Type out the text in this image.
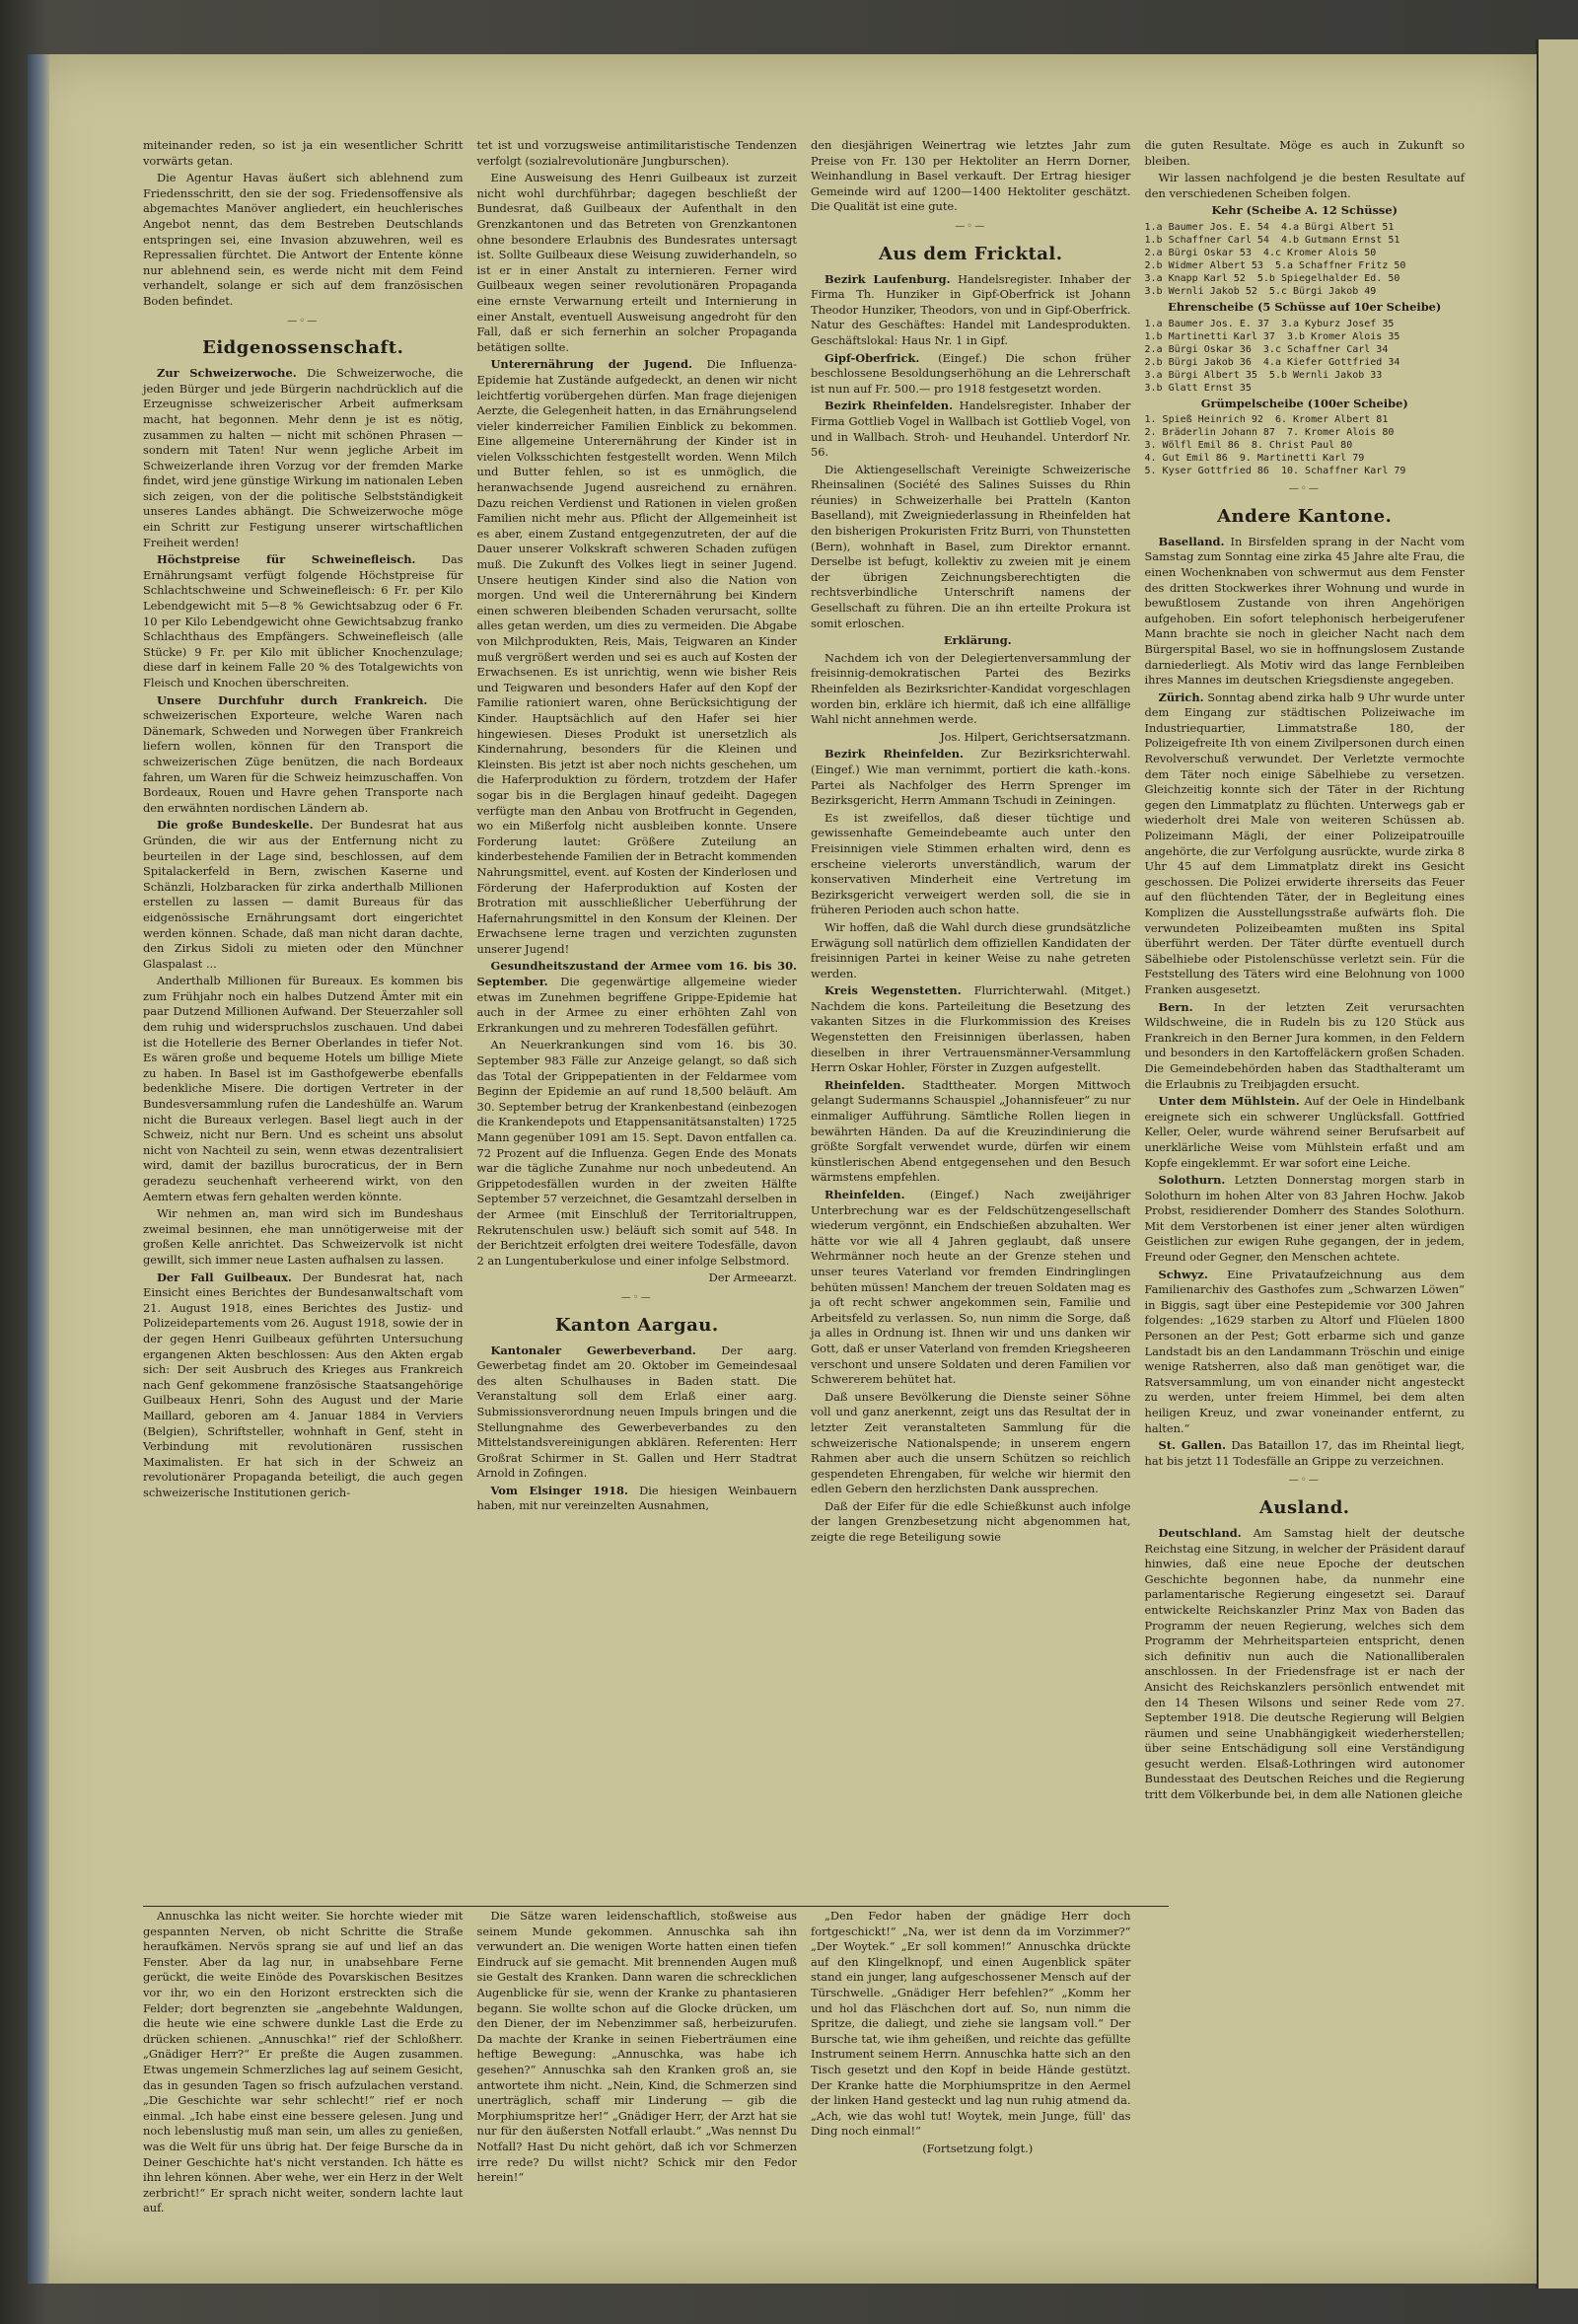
miteinander reden, so ist ja ein wesentlicher Schritt vorwärts getan.

Die Agentur Havas äußert sich ablehnend zum Friedensschritt, den sie der sog. Friedensoffensive als abgemachtes Manöver angliedert, ein heuchlerisches Angebot nennt, das dem Bestreben Deutschlands entspringen sei, eine Invasion abzuwehren, weil es Repressalien fürchtet. Die Antwort der Entente könne nur ablehnend sein, es werde nicht mit dem Feind verhandelt, solange er sich auf dem französischen Boden befindet.

—◦—
Eidgenossenschaft.

Zur Schweizerwoche. Die Schweizerwoche, die jeden Bürger und jede Bürgerin nachdrücklich auf die Erzeugnisse schweizerischer Arbeit aufmerksam macht, hat begonnen. Mehr denn je ist es nötig, zusammen zu halten — nicht mit schönen Phrasen — sondern mit Taten! Nur wenn jegliche Arbeit im Schweizerlande ihren Vorzug vor der fremden Marke findet, wird jene günstige Wirkung im nationalen Leben sich zeigen, von der die politische Selbstständigkeit unseres Landes abhängt. Die Schweizerwoche möge ein Schritt zur Festigung unserer wirtschaftlichen Freiheit werden!

Höchstpreise für Schweinefleisch. Das Ernährungsamt verfügt folgende Höchstpreise für Schlachtschweine und Schweinefleisch: 6 Fr. per Kilo Lebendgewicht mit 5—8 % Gewichtsabzug oder 6 Fr. 10 per Kilo Lebendgewicht ohne Gewichtsabzug franko Schlachthaus des Empfängers. Schweinefleisch (alle Stücke) 9 Fr. per Kilo mit üblicher Knochenzulage; diese darf in keinem Falle 20 % des Totalgewichts von Fleisch und Knochen überschreiten.

Unsere Durchfuhr durch Frankreich. Die schweizerischen Exporteure, welche Waren nach Dänemark, Schweden und Norwegen über Frankreich liefern wollen, können für den Transport die schweizerischen Züge benützen, die nach Bordeaux fahren, um Waren für die Schweiz heimzuschaffen. Von Bordeaux, Rouen und Havre gehen Transporte nach den erwähnten nordischen Ländern ab.

Die große Bundeskelle. Der Bundesrat hat aus Gründen, die wir aus der Entfernung nicht zu beurteilen in der Lage sind, beschlossen, auf dem Spitalackerfeld in Bern, zwischen Kaserne und Schänzli, Holzbaracken für zirka anderthalb Millionen erstellen zu lassen — damit Bureaus für das eidgenössische Ernährungsamt dort eingerichtet werden können. Schade, daß man nicht daran dachte, den Zirkus Sidoli zu mieten oder den Münchner Glaspalast ...

Anderthalb Millionen für Bureaux. Es kommen bis zum Frühjahr noch ein halbes Dutzend Ämter mit ein paar Dutzend Millionen Aufwand. Der Steuerzahler soll dem ruhig und widerspruchslos zuschauen. Und dabei ist die Hotellerie des Berner Oberlandes in tiefer Not. Es wären große und bequeme Hotels um billige Miete zu haben. In Basel ist im Gasthofgewerbe ebenfalls bedenkliche Misere. Die dortigen Vertreter in der Bundesversammlung rufen die Landeshülfe an. Warum nicht die Bureaux verlegen. Basel liegt auch in der Schweiz, nicht nur Bern. Und es scheint uns absolut nicht von Nachteil zu sein, wenn etwas dezentralisiert wird, damit der bazillus burocraticus, der in Bern geradezu seuchenhaft verheerend wirkt, von den Aemtern etwas fern gehalten werden könnte.

Wir nehmen an, man wird sich im Bundeshaus zweimal besinnen, ehe man unnötigerweise mit der großen Kelle anrichtet. Das Schweizervolk ist nicht gewillt, sich immer neue Lasten aufhalsen zu lassen.

Der Fall Guilbeaux. Der Bundesrat hat, nach Einsicht eines Berichtes der Bundesanwaltschaft vom 21. August 1918, eines Berichtes des Justiz- und Polizeidepartements vom 26. August 1918, sowie der in der gegen Henri Guilbeaux geführten Untersuchung ergangenen Akten beschlossen: Aus den Akten ergab sich: Der seit Ausbruch des Krieges aus Frankreich nach Genf gekommene französische Staatsangehörige Guilbeaux Henri, Sohn des August und der Marie Maillard, geboren am 4. Januar 1884 in Verviers (Belgien), Schriftsteller, wohnhaft in Genf, steht in Verbindung mit revolutionären russischen Maximalisten. Er hat sich in der Schweiz an revolutionärer Propaganda beteiligt, die auch gegen schweizerische Institutionen gerich-

tet ist und vorzugsweise antimilitaristische Tendenzen verfolgt (sozialrevolutionäre Jungburschen).

Eine Ausweisung des Henri Guilbeaux ist zurzeit nicht wohl durchführbar; dagegen beschließt der Bundesrat, daß Guilbeaux der Aufenthalt in den Grenzkantonen und das Betreten von Grenzkantonen ohne besondere Erlaubnis des Bundesrates untersagt ist. Sollte Guilbeaux diese Weisung zuwiderhandeln, so ist er in einer Anstalt zu internieren. Ferner wird Guilbeaux wegen seiner revolutionären Propaganda eine ernste Verwarnung erteilt und Internierung in einer Anstalt, eventuell Ausweisung angedroht für den Fall, daß er sich fernerhin an solcher Propaganda betätigen sollte.

Unterernährung der Jugend. Die Influenza-Epidemie hat Zustände aufgedeckt, an denen wir nicht leichtfertig vorübergehen dürfen. Man frage diejenigen Aerzte, die Gelegenheit hatten, in das Ernährungselend vieler kinderreicher Familien Einblick zu bekommen. Eine allgemeine Unterernährung der Kinder ist in vielen Volksschichten festgestellt worden. Wenn Milch und Butter fehlen, so ist es unmöglich, die heranwachsende Jugend ausreichend zu ernähren. Dazu reichen Verdienst und Rationen in vielen großen Familien nicht mehr aus. Pflicht der Allgemeinheit ist es aber, einem Zustand entgegenzutreten, der auf die Dauer unserer Volkskraft schweren Schaden zufügen muß. Die Zukunft des Volkes liegt in seiner Jugend. Unsere heutigen Kinder sind also die Nation von morgen. Und weil die Unterernährung bei Kindern einen schweren bleibenden Schaden verursacht, sollte alles getan werden, um dies zu vermeiden. Die Abgabe von Milchprodukten, Reis, Mais, Teigwaren an Kinder muß vergrößert werden und sei es auch auf Kosten der Erwachsenen. Es ist unrichtig, wenn wie bisher Reis und Teigwaren und besonders Hafer auf den Kopf der Familie rationiert waren, ohne Berücksichtigung der Kinder. Hauptsächlich auf den Hafer sei hier hingewiesen. Dieses Produkt ist unersetzlich als Kindernahrung, besonders für die Kleinen und Kleinsten. Bis jetzt ist aber noch nichts geschehen, um die Haferproduktion zu fördern, trotzdem der Hafer sogar bis in die Berglagen hinauf gedeiht. Dagegen verfügte man den Anbau von Brotfrucht in Gegenden, wo ein Mißerfolg nicht ausbleiben konnte. Unsere Forderung lautet: Größere Zuteilung an kinderbestehende Familien der in Betracht kommenden Nahrungsmittel, event. auf Kosten der Kinderlosen und Förderung der Haferproduktion auf Kosten der Brotration mit ausschließlicher Ueberführung der Hafernahrungsmittel in den Konsum der Kleinen. Der Erwachsene lerne tragen und verzichten zugunsten unserer Jugend!

Gesundheitszustand der Armee vom 16. bis 30. September. Die gegenwärtige allgemeine wieder etwas im Zunehmen begriffene Grippe-Epidemie hat auch in der Armee zu einer erhöhten Zahl von Erkrankungen und zu mehreren Todesfällen geführt.

An Neuerkrankungen sind vom 16. bis 30. September 983 Fälle zur Anzeige gelangt, so daß sich das Total der Grippepatienten in der Feldarmee vom Beginn der Epidemie an auf rund 18,500 beläuft. Am 30. September betrug der Krankenbestand (einbezogen die Krankendepots und Etappensanitätsanstalten) 1725 Mann gegenüber 1091 am 15. Sept. Davon entfallen ca. 72 Prozent auf die Influenza. Gegen Ende des Monats war die tägliche Zunahme nur noch unbedeutend. An Grippetodesfällen wurden in der zweiten Hälfte September 57 verzeichnet, die Gesamtzahl derselben in der Armee (mit Einschluß der Territorialtruppen, Rekrutenschulen usw.) beläuft sich somit auf 548. In der Berichtzeit erfolgten drei weitere Todesfälle, davon 2 an Lungentuberkulose und einer infolge Selbstmord.

Der Armeearzt.

—◦—
Kanton Aargau.

Kantonaler Gewerbeverband. Der aarg. Gewerbetag findet am 20. Oktober im Gemeindesaal des alten Schulhauses in Baden statt. Die Veranstaltung soll dem Erlaß einer aarg. Submissionsverordnung neuen Impuls bringen und die Stellungnahme des Gewerbeverbandes zu den Mittelstandsvereinigungen abklären. Referenten: Herr Großrat Schirmer in St. Gallen und Herr Stadtrat Arnold in Zofingen.

Vom Elsinger 1918. Die hiesigen Weinbauern haben, mit nur vereinzelten Ausnahmen,

den diesjährigen Weinertrag wie letztes Jahr zum Preise von Fr. 130 per Hektoliter an Herrn Dorner, Weinhandlung in Basel verkauft. Der Ertrag hiesiger Gemeinde wird auf 1200—1400 Hektoliter geschätzt. Die Qualität ist eine gute.

—◦—
Aus dem Fricktal.

Bezirk Laufenburg. Handelsregister. Inhaber der Firma Th. Hunziker in Gipf-Oberfrick ist Johann Theodor Hunziker, Theodors, von und in Gipf-Oberfrick. Natur des Geschäftes: Handel mit Landesprodukten. Geschäftslokal: Haus Nr. 1 in Gipf.

Gipf-Oberfrick. (Eingef.) Die schon früher beschlossene Besoldungserhöhung an die Lehrerschaft ist nun auf Fr. 500.— pro 1918 festgesetzt worden.

Bezirk Rheinfelden. Handelsregister. Inhaber der Firma Gottlieb Vogel in Wallbach ist Gottlieb Vogel, von und in Wallbach. Stroh- und Heuhandel. Unterdorf Nr. 56.

Die Aktiengesellschaft Vereinigte Schweizerische Rheinsalinen (Société des Salines Suisses du Rhin réunies) in Schweizerhalle bei Pratteln (Kanton Baselland), mit Zweigniederlassung in Rheinfelden hat den bisherigen Prokuristen Fritz Burri, von Thunstetten (Bern), wohnhaft in Basel, zum Direktor ernannt. Derselbe ist befugt, kollektiv zu zweien mit je einem der übrigen Zeichnungsberechtigten die rechtsverbindliche Unterschrift namens der Gesellschaft zu führen. Die an ihn erteilte Prokura ist somit erloschen.

Erklärung.

Nachdem ich von der Delegiertenversammlung der freisinnig-demokratischen Partei des Bezirks Rheinfelden als Bezirksrichter-Kandidat vorgeschlagen worden bin, erkläre ich hiermit, daß ich eine allfällige Wahl nicht annehmen werde.

Jos. Hilpert, Gerichtsersatzmann.

Bezirk Rheinfelden. Zur Bezirksrichterwahl. (Eingef.) Wie man vernimmt, portiert die kath.-kons. Partei als Nachfolger des Herrn Sprenger im Bezirksgericht, Herrn Ammann Tschudi in Zeiningen.

Es ist zweifellos, daß dieser tüchtige und gewissenhafte Gemeindebeamte auch unter den Freisinnigen viele Stimmen erhalten wird, denn es erscheine vielerorts unverständlich, warum der konservativen Minderheit eine Vertretung im Bezirksgericht verweigert werden soll, die sie in früheren Perioden auch schon hatte.

Wir hoffen, daß die Wahl durch diese grundsätzliche Erwägung soll natürlich dem offiziellen Kandidaten der freisinnigen Partei in keiner Weise zu nahe getreten werden.

Kreis Wegenstetten. Flurrichterwahl. (Mitget.) Nachdem die kons. Parteileitung die Besetzung des vakanten Sitzes in die Flurkommission des Kreises Wegenstetten den Freisinnigen überlassen, haben dieselben in ihrer Vertrauensmänner-Versammlung Herrn Oskar Hohler, Förster in Zuzgen aufgestellt.

Rheinfelden. Stadttheater. Morgen Mittwoch gelangt Sudermanns Schauspiel „Johannisfeuer“ zu nur einmaliger Aufführung. Sämtliche Rollen liegen in bewährten Händen. Da auf die Kreuzindinierung die größte Sorgfalt verwendet wurde, dürfen wir einem künstlerischen Abend entgegensehen und den Besuch wärmstens empfehlen.

Rheinfelden. (Eingef.) Nach zweijähriger Unterbrechung war es der Feldschützengesellschaft wiederum vergönnt, ein Endschießen abzuhalten. Wer hätte vor wie all 4 Jahren geglaubt, daß unsere Wehrmänner noch heute an der Grenze stehen und unser teures Vaterland vor fremden Eindringlingen behüten müssen! Manchem der treuen Soldaten mag es ja oft recht schwer angekommen sein, Familie und Arbeitsfeld zu verlassen. So, nun nimm die Sorge, daß ja alles in Ordnung ist. Ihnen wir und uns danken wir Gott, daß er unser Vaterland von fremden Kriegsheeren verschont und unsere Soldaten und deren Familien vor Schwererem behütet hat.

Daß unsere Bevölkerung die Dienste seiner Söhne voll und ganz anerkennt, zeigt uns das Resultat der in letzter Zeit veranstalteten Sammlung für die schweizerische Nationalspende; in unserem engern Rahmen aber auch die unsern Schützen so reichlich gespendeten Ehrengaben, für welche wir hiermit den edlen Gebern den herzlichsten Dank aussprechen.

Daß der Eifer für die edle Schießkunst auch infolge der langen Grenzbesetzung nicht abgenommen hat, zeigte die rege Beteiligung sowie

die guten Resultate. Möge es auch in Zukunft so bleiben.

Wir lassen nachfolgend je die besten Resultate auf den verschiedenen Scheiben folgen.

Kehr (Scheibe A. 12 Schüsse)

1.a Baumer Jos. E. 54  4.a Bürgi Albert 51
1.b Schaffner Carl 54  4.b Gutmann Ernst 51
2.a Bürgi Oskar 53  4.c Kromer Alois 50
2.b Widmer Albert 53  5.a Schaffner Fritz 50
3.a Knapp Karl 52  5.b Spiegelhalder Ed. 50
3.b Wernli Jakob 52  5.c Bürgi Jakob 49

Ehrenscheibe (5 Schüsse auf 10er Scheibe)

1.a Baumer Jos. E. 37  3.a Kyburz Josef 35
1.b Martinetti Karl 37  3.b Kromer Alois 35
2.a Bürgi Oskar 36  3.c Schaffner Carl 34
2.b Bürgi Jakob 36  4.a Kiefer Gottfried 34
3.a Bürgi Albert 35  5.b Wernli Jakob 33
3.b Glatt Ernst 35

Grümpelscheibe (100er Scheibe)

1. Spieß Heinrich 92  6. Kromer Albert 81
2. Bräderlin Johann 87  7. Kromer Alois 80
3. Wölfl Emil 86  8. Christ Paul 80
4. Gut Emil 86  9. Martinetti Karl 79
5. Kyser Gottfried 86  10. Schaffner Karl 79

—◦—
Andere Kantone.

Baselland. In Birsfelden sprang in der Nacht vom Samstag zum Sonntag eine zirka 45 Jahre alte Frau, die einen Wochenknaben von schwermut aus dem Fenster des dritten Stockwerkes ihrer Wohnung und wurde in bewußtlosem Zustande von ihren Angehörigen aufgehoben. Ein sofort telephonisch herbeigerufener Mann brachte sie noch in gleicher Nacht nach dem Bürgerspital Basel, wo sie in hoffnungslosem Zustande darniederliegt. Als Motiv wird das lange Fernbleiben ihres Mannes im deutschen Kriegsdienste angegeben.

Zürich. Sonntag abend zirka halb 9 Uhr wurde unter dem Eingang zur städtischen Polizeiwache im Industriequartier, Limmatstraße 180, der Polizeigefreite Ith von einem Zivilpersonen durch einen Revolverschuß verwundet. Der Verletzte vermochte dem Täter noch einige Säbelhiebe zu versetzen. Gleichzeitig konnte sich der Täter in der Richtung gegen den Limmatplatz zu flüchten. Unterwegs gab er wiederholt drei Male von weiteren Schüssen ab. Polizeimann Mägli, der einer Polizeipatrouille angehörte, die zur Verfolgung ausrückte, wurde zirka 8 Uhr 45 auf dem Limmatplatz direkt ins Gesicht geschossen. Die Polizei erwiderte ihrerseits das Feuer auf den flüchtenden Täter, der in Begleitung eines Komplizen die Ausstellungsstraße aufwärts floh. Die verwundeten Polizeibeamten mußten ins Spital überführt werden. Der Täter dürfte eventuell durch Säbelhiebe oder Pistolenschüsse verletzt sein. Für die Feststellung des Täters wird eine Belohnung von 1000 Franken ausgesetzt.

Bern. In der letzten Zeit verursachten Wildschweine, die in Rudeln bis zu 120 Stück aus Frankreich in den Berner Jura kommen, in den Feldern und besonders in den Kartoffeläckern großen Schaden. Die Gemeindebehörden haben das Stadthalteramt um die Erlaubnis zu Treibjagden ersucht.

Unter dem Mühlstein. Auf der Oele in Hindelbank ereignete sich ein schwerer Unglücksfall. Gottfried Keller, Oeler, wurde während seiner Berufsarbeit auf unerklärliche Weise vom Mühlstein erfaßt und am Kopfe eingeklemmt. Er war sofort eine Leiche.

Solothurn. Letzten Donnerstag morgen starb in Solothurn im hohen Alter von 83 Jahren Hochw. Jakob Probst, residierender Domherr des Standes Solothurn. Mit dem Verstorbenen ist einer jener alten würdigen Geistlichen zur ewigen Ruhe gegangen, der in jedem, Freund oder Gegner, den Menschen achtete.

Schwyz. Eine Privataufzeichnung aus dem Familienarchiv des Gasthofes zum „Schwarzen Löwen“ in Biggis, sagt über eine Pestepidemie vor 300 Jahren folgendes: „1629 starben zu Altorf und Flüelen 1800 Personen an der Pest; Gott erbarme sich und ganze Landstadt bis an den Landammann Tröschin und einige wenige Ratsherren, also daß man genötiget war, die Ratsversammlung, um von einander nicht angesteckt zu werden, unter freiem Himmel, bei dem alten heiligen Kreuz, und zwar voneinander entfernt, zu halten.“

St. Gallen. Das Bataillon 17, das im Rheintal liegt, hat bis jetzt 11 Todesfälle an Grippe zu verzeichnen.

—◦—
Ausland.

Deutschland. Am Samstag hielt der deutsche Reichstag eine Sitzung, in welcher der Präsident darauf hinwies, daß eine neue Epoche der deutschen Geschichte begonnen habe, da nunmehr eine parlamentarische Regierung eingesetzt sei. Darauf entwickelte Reichskanzler Prinz Max von Baden das Programm der neuen Regierung, welches sich dem Programm der Mehrheitsparteien entspricht, denen sich definitiv nun auch die Nationalliberalen anschlossen. In der Friedensfrage ist er nach der Ansicht des Reichskanzlers persönlich entwendet mit den 14 Thesen Wilsons und seiner Rede vom 27. September 1918. Die deutsche Regierung will Belgien räumen und seine Unabhängigkeit wiederherstellen; über seine Entschädigung soll eine Verständigung gesucht werden. Elsaß-Lothringen wird autonomer Bundesstaat des Deutschen Reiches und die Regierung tritt dem Völkerbunde bei, in dem alle Nationen gleiche

Annuschka las nicht weiter. Sie horchte wieder mit gespannten Nerven, ob nicht Schritte die Straße heraufkämen. Nervös sprang sie auf und lief an das Fenster. Aber da lag nur, in unabsehbare Ferne gerückt, die weite Einöde des Povarskischen Besitzes vor ihr, wo ein den Horizont erstreckten sich die Felder; dort begrenzten sie „angebehnte Waldungen, die heute wie eine schwere dunkle Last die Erde zu drücken schienen. „Annuschka!“ rief der Schloßherr. „Gnädiger Herr?“ Er preßte die Augen zusammen. Etwas ungemein Schmerzliches lag auf seinem Gesicht, das in gesunden Tagen so frisch aufzulachen verstand. „Die Geschichte war sehr schlecht!“ rief er noch einmal. „Ich habe einst eine bessere gelesen. Jung und noch lebenslustig muß man sein, um alles zu genießen, was die Welt für uns übrig hat. Der feige Bursche da in Deiner Geschichte hat's nicht verstanden. Ich hätte es ihn lehren können. Aber wehe, wer ein Herz in der Welt zerbricht!“ Er sprach nicht weiter, sondern lachte laut auf.

Die Sätze waren leidenschaftlich, stoßweise aus seinem Munde gekommen. Annuschka sah ihn verwundert an. Die wenigen Worte hatten einen tiefen Eindruck auf sie gemacht. Mit brennenden Augen muß sie Gestalt des Kranken. Dann waren die schrecklichen Augenblicke für sie, wenn der Kranke zu phantasieren begann. Sie wollte schon auf die Glocke drücken, um den Diener, der im Nebenzimmer saß, herbeizurufen. Da machte der Kranke in seinen Fieberträumen eine heftige Bewegung: „Annuschka, was habe ich gesehen?“ Annuschka sah den Kranken groß an, sie antwortete ihm nicht. „Nein, Kind, die Schmerzen sind unerträglich, schaff mir Linderung — gib die Morphiumspritze her!“ „Gnädiger Herr, der Arzt hat sie nur für den äußersten Notfall erlaubt.“ „Was nennst Du Notfall? Hast Du nicht gehört, daß ich vor Schmerzen irre rede? Du willst nicht? Schick mir den Fedor herein!“

„Den Fedor haben der gnädige Herr doch fortgeschickt!“ „Na, wer ist denn da im Vorzimmer?“ „Der Woytek.“ „Er soll kommen!“ Annuschka drückte auf den Klingelknopf, und einen Augenblick später stand ein junger, lang aufgeschossener Mensch auf der Türschwelle. „Gnädiger Herr befehlen?“ „Komm her und hol das Fläschchen dort auf. So, nun nimm die Spritze, die daliegt, und ziehe sie langsam voll.“ Der Bursche tat, wie ihm geheißen, und reichte das gefüllte Instrument seinem Herrn. Annuschka hatte sich an den Tisch gesetzt und den Kopf in beide Hände gestützt. Der Kranke hatte die Morphiumspritze in den Aermel der linken Hand gesteckt und lag nun ruhig atmend da. „Ach, wie das wohl tut! Woytek, mein Junge, füll' das Ding noch einmal!“

(Fortsetzung folgt.)
